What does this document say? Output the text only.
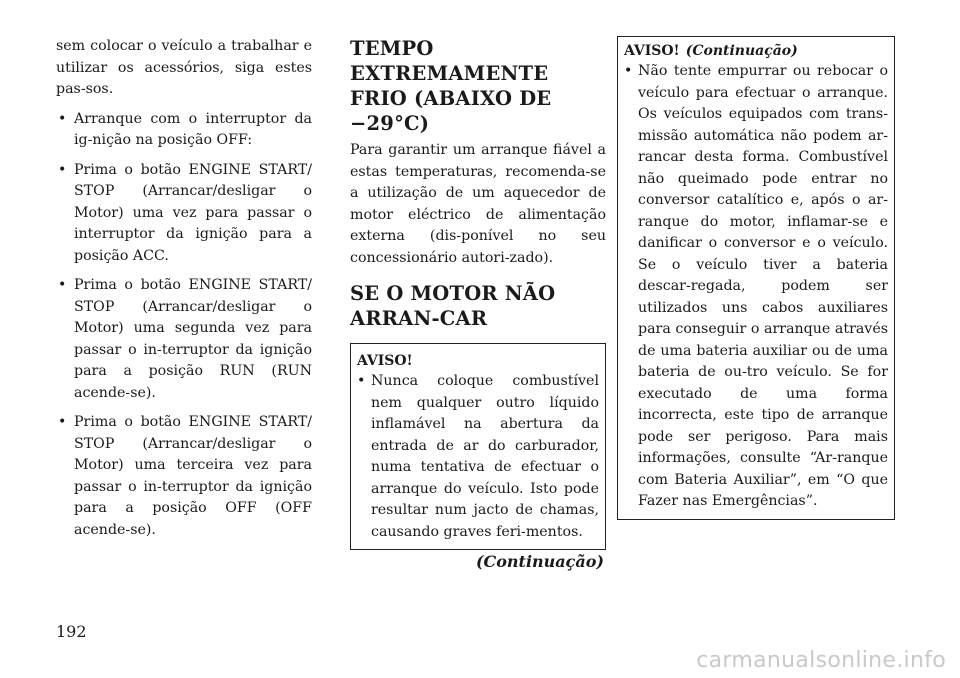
sem colocar o veículo a trabalhar e utilizar os acessórios, siga estes pas-sos.

• Arranque com o interruptor da ig-nição na posição OFF:
• Prima o botão ENGINE START/ STOP (Arrancar/desligar o Motor) uma vez para passar o interruptor da ignição para a posição ACC.
• Prima o botão ENGINE START/ STOP (Arrancar/desligar o Motor) uma segunda vez para passar o in-terruptor da ignição para a posição RUN (RUN acende-se).
• Prima o botão ENGINE START/ STOP (Arrancar/desligar o Motor) uma terceira vez para passar o in-terruptor da ignição para a posição OFF (OFF acende-se).
TEMPO EXTREMAMENTE FRIO (ABAIXO DE −29°C)

Para garantir um arranque fiável a estas temperaturas, recomenda-se a utilização de um aquecedor de motor eléctrico de alimentação externa (dis-ponível no seu concessionário autori-zado).

SE O MOTOR NÃO ARRAN-CAR
AVISO!
• Nunca coloque combustível nem qualquer outro líquido inflamável na abertura da entrada de ar do carburador, numa tentativa de efectuar o arranque do veículo. Isto pode resultar num jacto de chamas, causando graves feri-mentos.
(Continuação)
AVISO! (Continuação)
• Não tente empurrar ou rebocar o veículo para efectuar o arranque. Os veículos equipados com trans-missão automática não podem ar-rancar desta forma. Combustível não queimado pode entrar no conversor catalítico e, após o ar-ranque do motor, inflamar-se e danificar o conversor e o veículo. Se o veículo tiver a bateria descar-regada, podem ser utilizados uns cabos auxiliares para conseguir o arranque através de uma bateria auxiliar ou de uma bateria de ou-tro veículo. Se for executado de uma forma incorrecta, este tipo de arranque pode ser perigoso. Para mais informações, consulte “Ar-ranque com Bateria Auxiliar”, em “O que Fazer nas Emergências”.
192
carmanualsonline.info
